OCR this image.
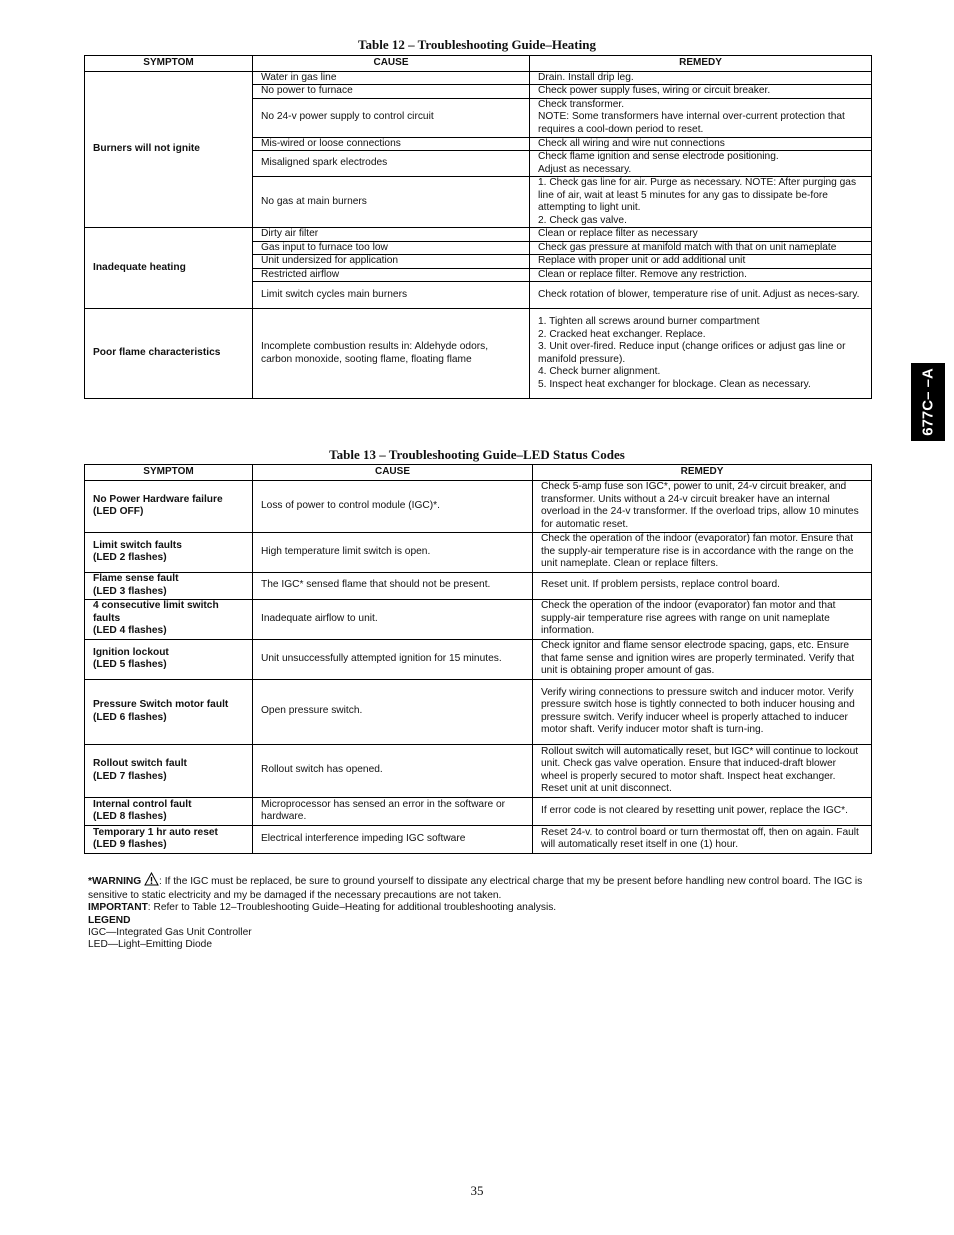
Table 12 – Troubleshooting Guide–Heating
SYMPTOM	CAUSE	REMEDY
Burners will not ignite	Water in gas line	Drain. Install drip leg.
	No power to furnace	Check power supply fuses, wiring or circuit breaker.
	No 24-v power supply to control circuit	Check transformer.
NOTE: Some transformers have internal over-current protection that requires a cool-down period to reset.
	Mis-wired or loose connections	Check all wiring and wire nut connections
	Misaligned spark electrodes	Check flame ignition and sense electrode positioning.
Adjust as necessary.
	No gas at main burners	1. Check gas line for air. Purge as necessary. NOTE: After purging gas line of air, wait at least 5 minutes for any gas to dissipate be-fore attempting to light unit.
2. Check gas valve.
Inadequate heating	Dirty air filter	Clean or replace filter as necessary
	Gas input to furnace too low	Check gas pressure at manifold match with that on unit nameplate
	Unit undersized for application	Replace with proper unit or add additional unit
	Restricted airflow	Clean or replace filter. Remove any restriction.
	Limit switch cycles main burners	Check rotation of blower, temperature rise of unit. Adjust as neces-sary.
Poor flame characteristics	Incomplete combustion results in: Aldehyde odors, carbon monoxide, sooting flame, floating flame	1. Tighten all screws around burner compartment
2. Cracked heat exchanger. Replace.
3. Unit over-fired. Reduce input (change orifices or adjust gas line or manifold pressure).
4. Check burner alignment.
5. Inspect heat exchanger for blockage. Clean as necessary.
Table 13 – Troubleshooting Guide–LED Status Codes
SYMPTOM	CAUSE	REMEDY
No Power Hardware failure
(LED OFF)	Loss of power to control module (IGC)*.	Check 5-amp fuse son IGC*, power to unit, 24-v circuit breaker, and transformer. Units without a 24-v circuit breaker have an internal overload in the 24-v transformer. If the overload trips, allow 10 minutes for automatic reset.
Limit switch faults
(LED 2 flashes)	High temperature limit switch is open.	Check the operation of the indoor (evaporator) fan motor. Ensure that the supply-air temperature rise is in accordance with the range on the unit nameplate. Clean or replace filters.
Flame sense fault
(LED 3 flashes)	The IGC* sensed flame that should not be present.	Reset unit. If problem persists, replace control board.
4 consecutive limit switch faults
(LED 4 flashes)	Inadequate airflow to unit.	Check the operation of the indoor (evaporator) fan motor and that supply-air temperature rise agrees with range on unit nameplate information.
Ignition lockout
(LED 5 flashes)	Unit unsuccessfully attempted ignition for 15 minutes.	Check ignitor and flame sensor electrode spacing, gaps, etc. Ensure that fame sense and ignition wires are properly terminated. Verify that unit is obtaining proper amount of gas.
Pressure Switch motor fault
(LED 6 flashes)	Open pressure switch.	Verify wiring connections to pressure switch and inducer motor. Verify pressure switch hose is tightly connected to both inducer housing and pressure switch. Verify inducer wheel is properly attached to inducer motor shaft. Verify inducer motor shaft is turn-ing.
Rollout switch fault
(LED 7 flashes)	Rollout switch has opened.	Rollout switch will automatically reset, but IGC* will continue to lockout unit. Check gas valve operation. Ensure that induced-draft blower wheel is properly secured to motor shaft. Inspect heat exchanger. Reset unit at unit disconnect.
Internal control fault
(LED 8 flashes)	Microprocessor has sensed an error in the software or hardware.	If error code is not cleared by resetting unit power, replace the IGC*.
Temporary 1 hr auto reset
(LED 9 flashes)	Electrical interference impeding IGC software	Reset 24-v. to control board or turn thermostat off, then on again. Fault will automatically reset itself in one (1) hour.
*WARNING : If the IGC must be replaced, be sure to ground yourself to dissipate any electrical charge that my be present before handling new control board. The IGC is sensitive to static electricity and my be damaged if the necessary precautions are not taken.
IMPORTANT: Refer to Table 12–Troubleshooting Guide–Heating for additional troubleshooting analysis.
LEGEND
IGC—Integrated Gas Unit Controller
LED—Light–Emitting Diode
677C– –A
35
